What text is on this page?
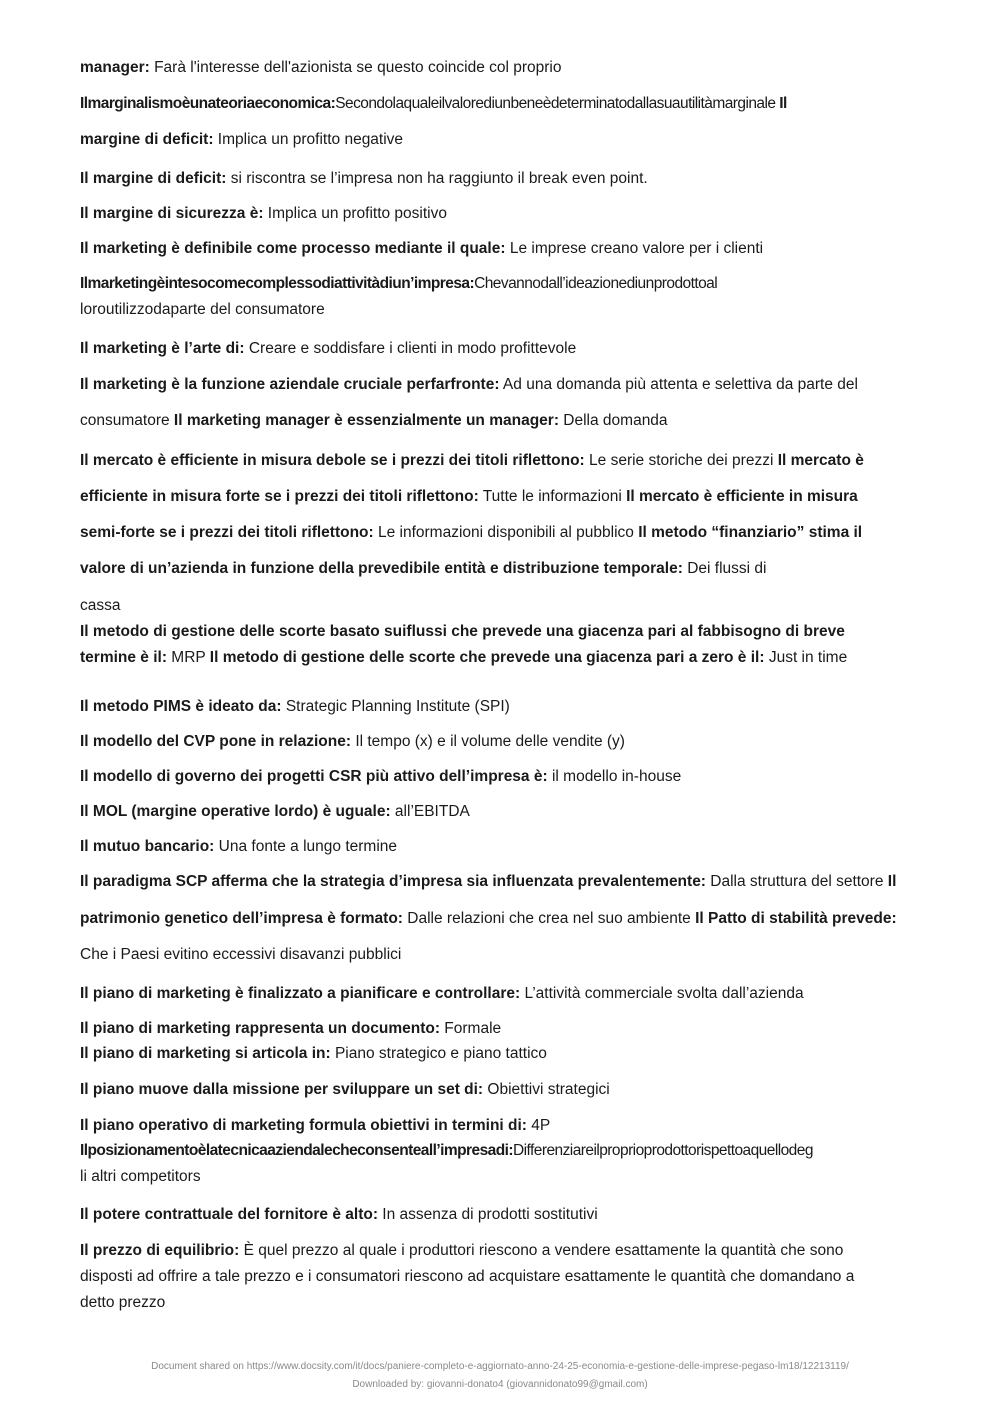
manager: Farà l'interesse dell'azionista se questo coincide col proprio
Ilmarginalismoèunateoriaeconomica:Secondolaqualeilvalorediunbeneèdeterminatodallasuautilitàmarginale Il
margine di deficit: Implica un profitto negative
Il margine di deficit: si riscontra se l’impresa non ha raggiunto il break even point.
Il margine di sicurezza è: Implica un profitto positivo
Il marketing è definibile come processo mediante il quale: Le imprese creano valore per i clienti
Ilmarketingèintesocomecomplessodiattivitàdiun’impresa:Chevannodall’ideazionediunprodottoal
loroutilizzodaparte del consumatore
Il marketing è l’arte di: Creare e soddisfare i clienti in modo profittevole
Il marketing è la funzione aziendale cruciale perfarfronte: Ad una domanda più attenta e selettiva da parte del
consumatore Il marketing manager è essenzialmente un manager: Della domanda
Il mercato è efficiente in misura debole se i prezzi dei titoli riflettono: Le serie storiche dei prezzi Il mercato è
efficiente in misura forte se i prezzi dei titoli riflettono: Tutte le informazioni Il mercato è efficiente in misura
semi-forte se i prezzi dei titoli riflettono: Le informazioni disponibili al pubblico Il metodo “finanziario” stima il
valore di un’azienda in funzione della prevedibile entità e distribuzione temporale: Dei flussi di
cassa
Il metodo di gestione delle scorte basato suiflussi che prevede una giacenza pari al fabbisogno di breve
termine è il: MRP Il metodo di gestione delle scorte che prevede una giacenza pari a zero è il: Just in time
Il metodo PIMS è ideato da: Strategic Planning Institute (SPI)
Il modello del CVP pone in relazione: Il tempo (x) e il volume delle vendite (y)
Il modello di governo dei progetti CSR più attivo dell’impresa è: il modello in-house
Il MOL (margine operative lordo) è uguale: all’EBITDA
Il mutuo bancario: Una fonte a lungo termine
Il paradigma SCP afferma che la strategia d’impresa sia influenzata prevalentemente: Dalla struttura del settore Il
patrimonio genetico dell’impresa è formato: Dalle relazioni che crea nel suo ambiente Il Patto di stabilità prevede:
Che i Paesi evitino eccessivi disavanzi pubblici
Il piano di marketing è finalizzato a pianificare e controllare: L’attività commerciale svolta dall’azienda
Il piano di marketing rappresenta un documento: Formale
Il piano di marketing si articola in: Piano strategico e piano tattico
Il piano muove dalla missione per sviluppare un set di: Obiettivi strategici
Il piano operativo di marketing formula obiettivi in termini di: 4P
Ilposizionamentoèlatecnicaaziendalecheconsenteall’impresadi:Differenziareilproprioprodottorispettoaquellodeg
li altri competitors
Il potere contrattuale del fornitore è alto: In assenza di prodotti sostitutivi
Il prezzo di equilibrio: È quel prezzo al quale i produttori riescono a vendere esattamente la quantità che sono
disposti ad offrire a tale prezzo e i consumatori riescono ad acquistare esattamente le quantità che domandano a
detto prezzo
Document shared on https://www.docsity.com/it/docs/paniere-completo-e-aggiornato-anno-24-25-economia-e-gestione-delle-imprese-pegaso-lm18/12213119/
Downloaded by: giovanni-donato4 (giovannidonato99@gmail.com)
